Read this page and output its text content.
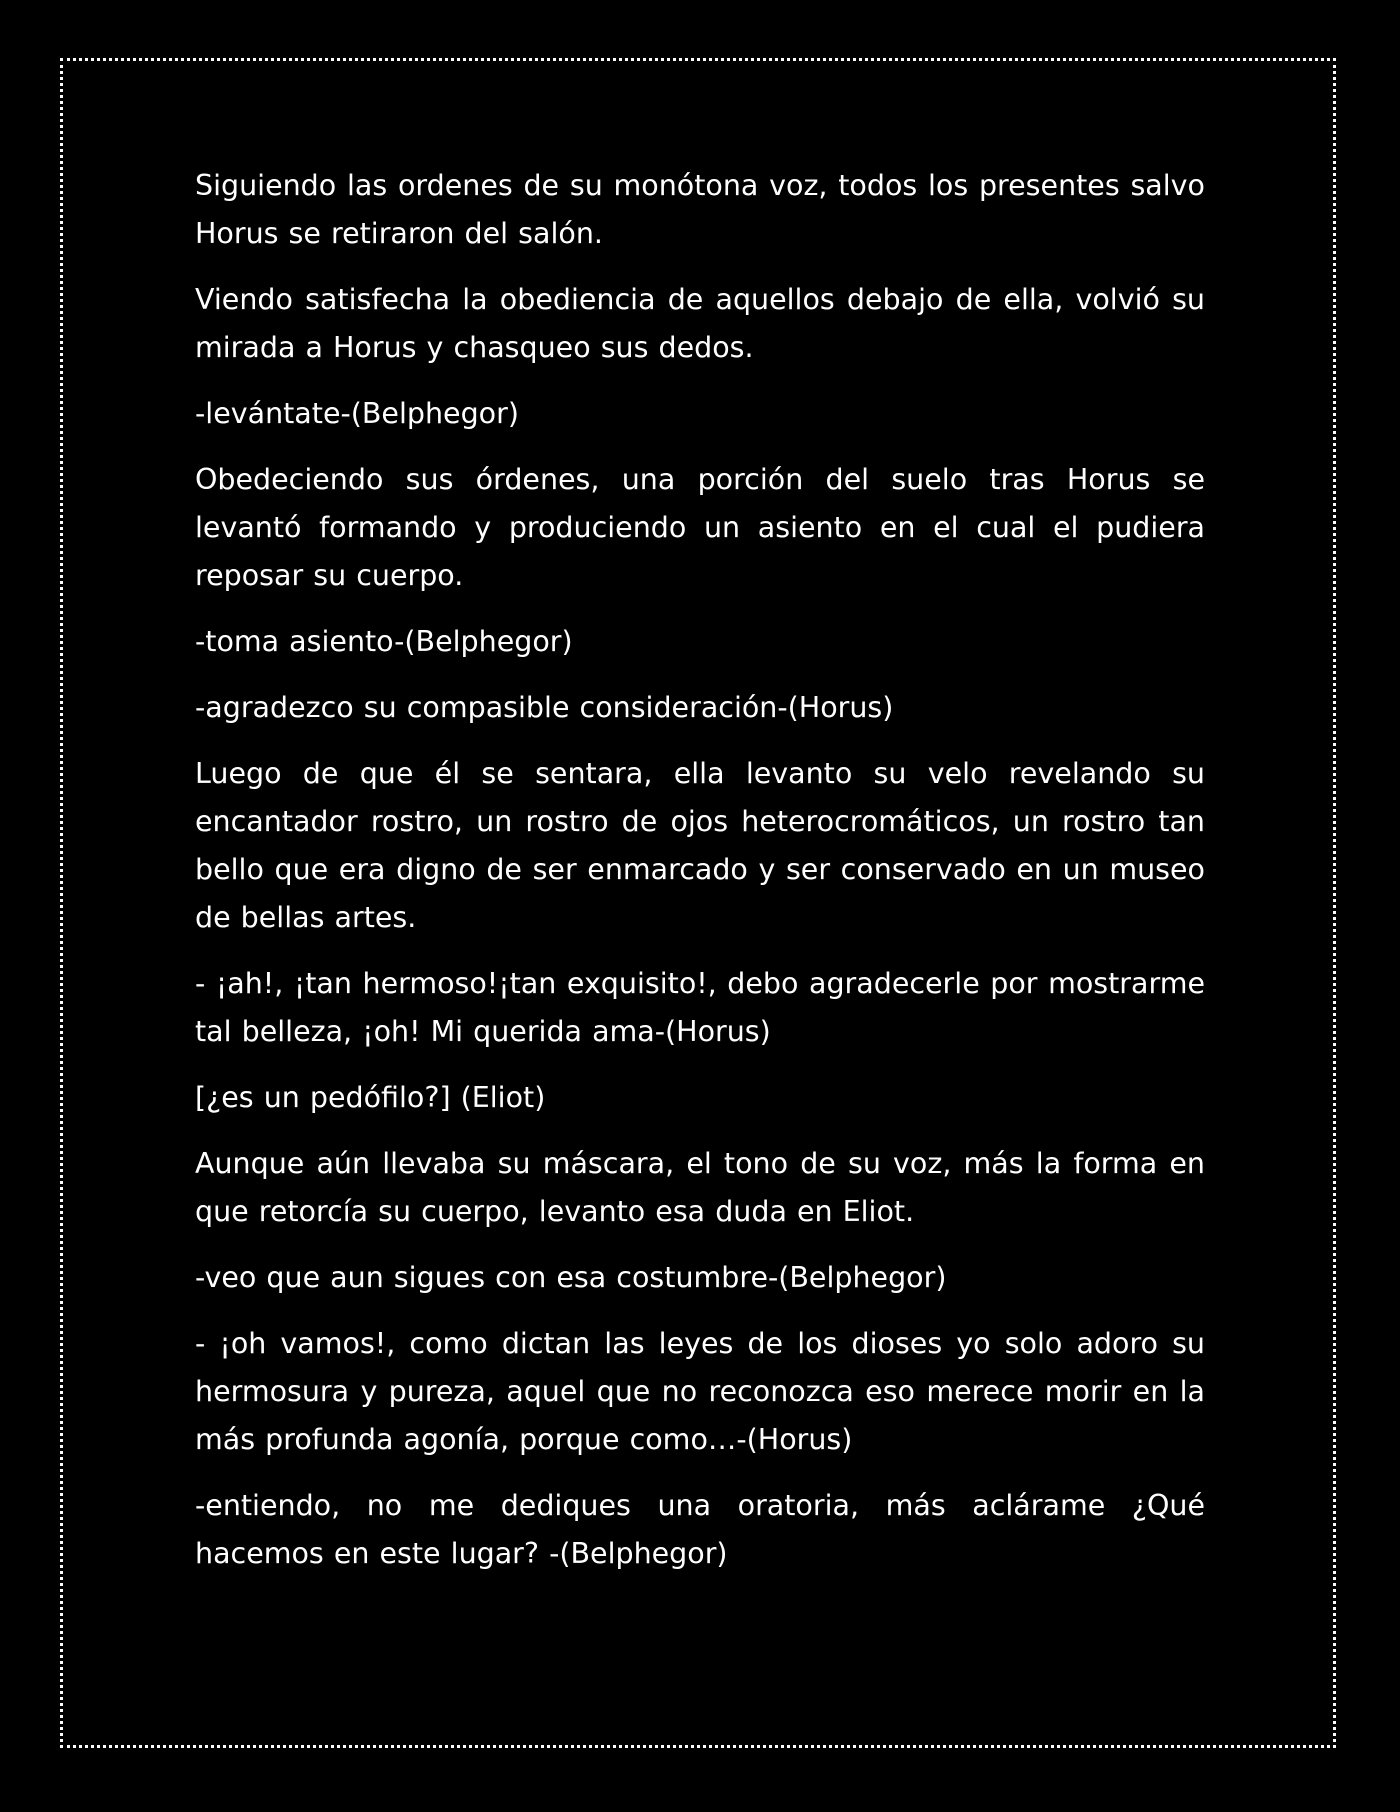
Siguiendo las ordenes de su monótona voz, todos los presentes salvo Horus se retiraron del salón.

Viendo satisfecha la obediencia de aquellos debajo de ella, volvió su mirada a Horus y chasqueo sus dedos.

-levántate-(Belphegor)

Obedeciendo sus órdenes, una porción del suelo tras Horus se levantó formando y produciendo un asiento en el cual el pudiera reposar su cuerpo.

-toma asiento-(Belphegor)

-agradezco su compasible consideración-(Horus)

Luego de que él se sentara, ella levanto su velo revelando su encantador rostro, un rostro de ojos heterocromáticos, un rostro tan bello que era digno de ser enmarcado y ser conservado en un museo de bellas artes.

- ¡ah!, ¡tan hermoso!¡tan exquisito!, debo agradecerle por mostrarme tal belleza, ¡oh! Mi querida ama-(Horus)

[¿es un pedófilo?] (Eliot)

Aunque aún llevaba su máscara, el tono de su voz, más la forma en que retorcía su cuerpo, levanto esa duda en Eliot.

-veo que aun sigues con esa costumbre-(Belphegor)

- ¡oh vamos!, como dictan las leyes de los dioses yo solo adoro su hermosura y pureza, aquel que no reconozca eso merece morir en la más profunda agonía, porque como…-(Horus)

-entiendo, no me dediques una oratoria, más aclárame ¿Qué hacemos en este lugar? -(Belphegor)
